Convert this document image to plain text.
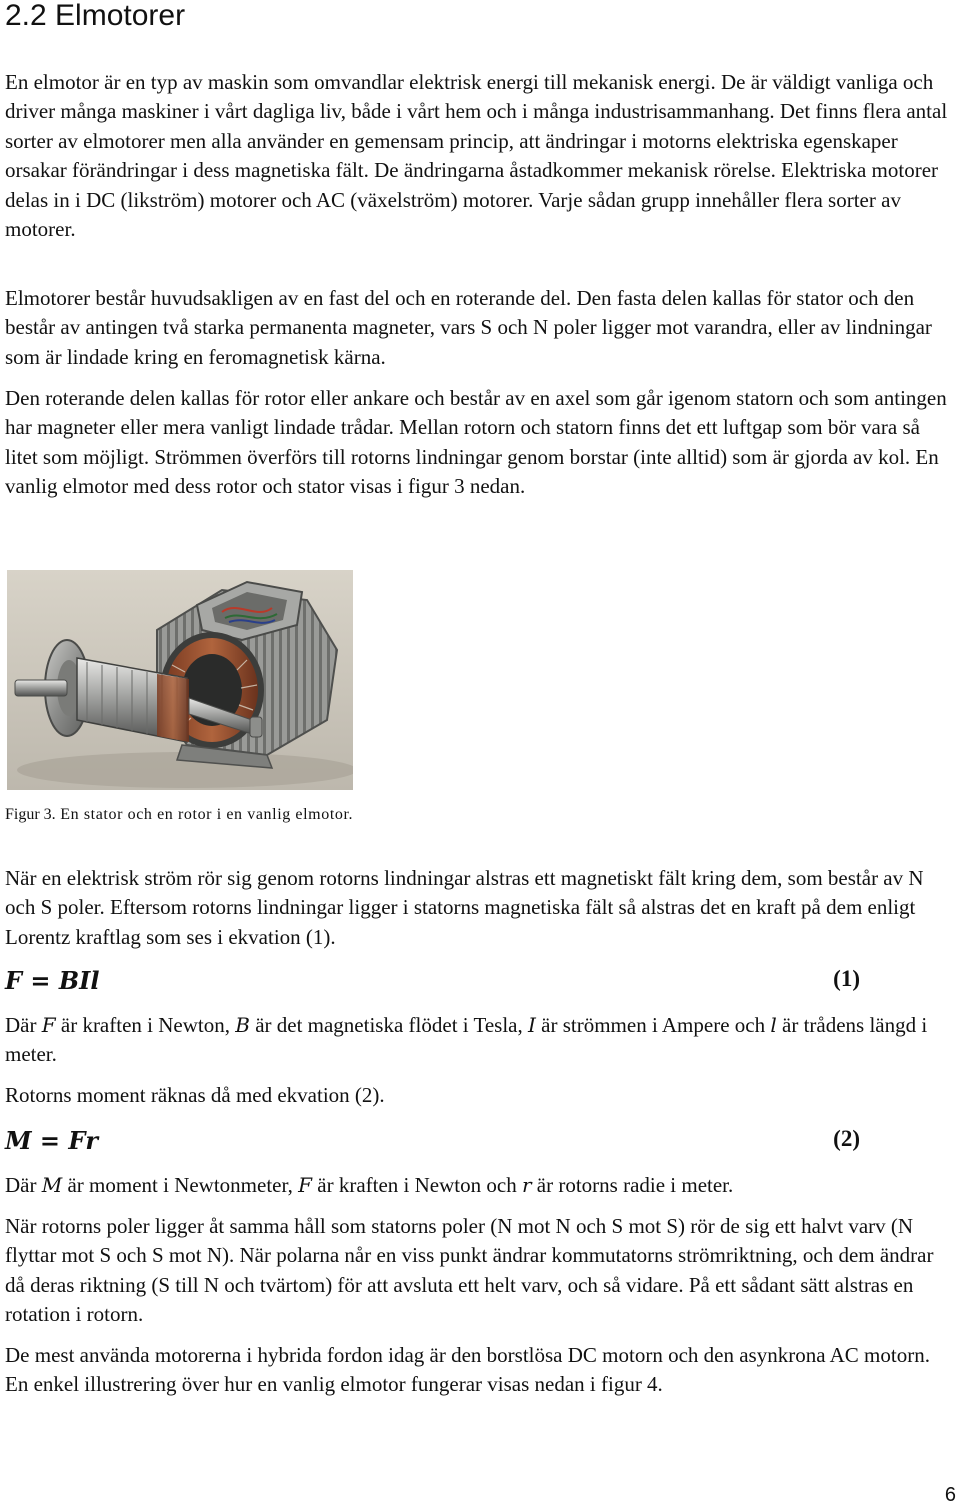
2.2 Elmotorer

En elmotor är en typ av maskin som omvandlar elektrisk energi till mekanisk energi. De är väldigt vanliga och driver många maskiner i vårt dagliga liv, både i vårt hem och i många industrisammanhang. Det finns flera antal sorter av elmotorer men alla använder en gemensam princip, att ändringar i motorns elektriska egenskaper orsakar förändringar i dess magnetiska fält. De ändringarna åstadkommer mekanisk rörelse. Elektriska motorer delas in i DC (likström) motorer och AC (växelström) motorer. Varje sådan grupp innehåller flera sorter av motorer.

Elmotorer består huvudsakligen av en fast del och en roterande del. Den fasta delen kallas för stator och den består av antingen två starka permanenta magneter, vars S och N poler ligger mot varandra, eller av lindningar som är lindade kring en feromagnetisk kärna.

Den roterande delen kallas för rotor eller ankare och består av en axel som går igenom statorn och som antingen har magneter eller mera vanligt lindade trådar. Mellan rotorn och statorn finns det ett luftgap som bör vara så litet som möjligt. Strömmen överförs till rotorns lindningar genom borstar (inte alltid) som är gjorda av kol. En vanlig elmotor med dess rotor och stator visas i figur 3 nedan.

Figur 3. En stator och en rotor i en vanlig elmotor.

När en elektrisk ström rör sig genom rotorns lindningar alstras ett magnetiskt fält kring dem, som består av N och S poler. Eftersom rotorns lindningar ligger i statorns magnetiska fält så alstras det en kraft på dem enligt Lorentz kraftlag som ses i ekvation (1).

𝑭 = 𝑩𝑰𝒍	(1)

Där 𝐹 är kraften i Newton, 𝐵 är det magnetiska flödet i Tesla, 𝐼 är strömmen i Ampere och 𝑙 är trådens längd i meter.

Rotorns moment räknas då med ekvation (2).

𝑴 = 𝑭𝒓	(2)

Där 𝑀 är moment i Newtonmeter, 𝐹 är kraften i Newton och 𝑟 är rotorns radie i meter.

När rotorns poler ligger åt samma håll som statorns poler (N mot N och S mot S) rör de sig ett halvt varv (N flyttar mot S och S mot N). När polarna når en viss punkt ändrar kommutatorns strömriktning, och dem ändrar då deras riktning (S till N och tvärtom) för att avsluta ett helt varv, och så vidare. På ett sådant sätt alstras en rotation i rotorn.

De mest använda motorerna i hybrida fordon idag är den borstlösa DC motorn och den asynkrona AC motorn. En enkel illustrering över hur en vanlig elmotor fungerar visas nedan i figur 4.

6
